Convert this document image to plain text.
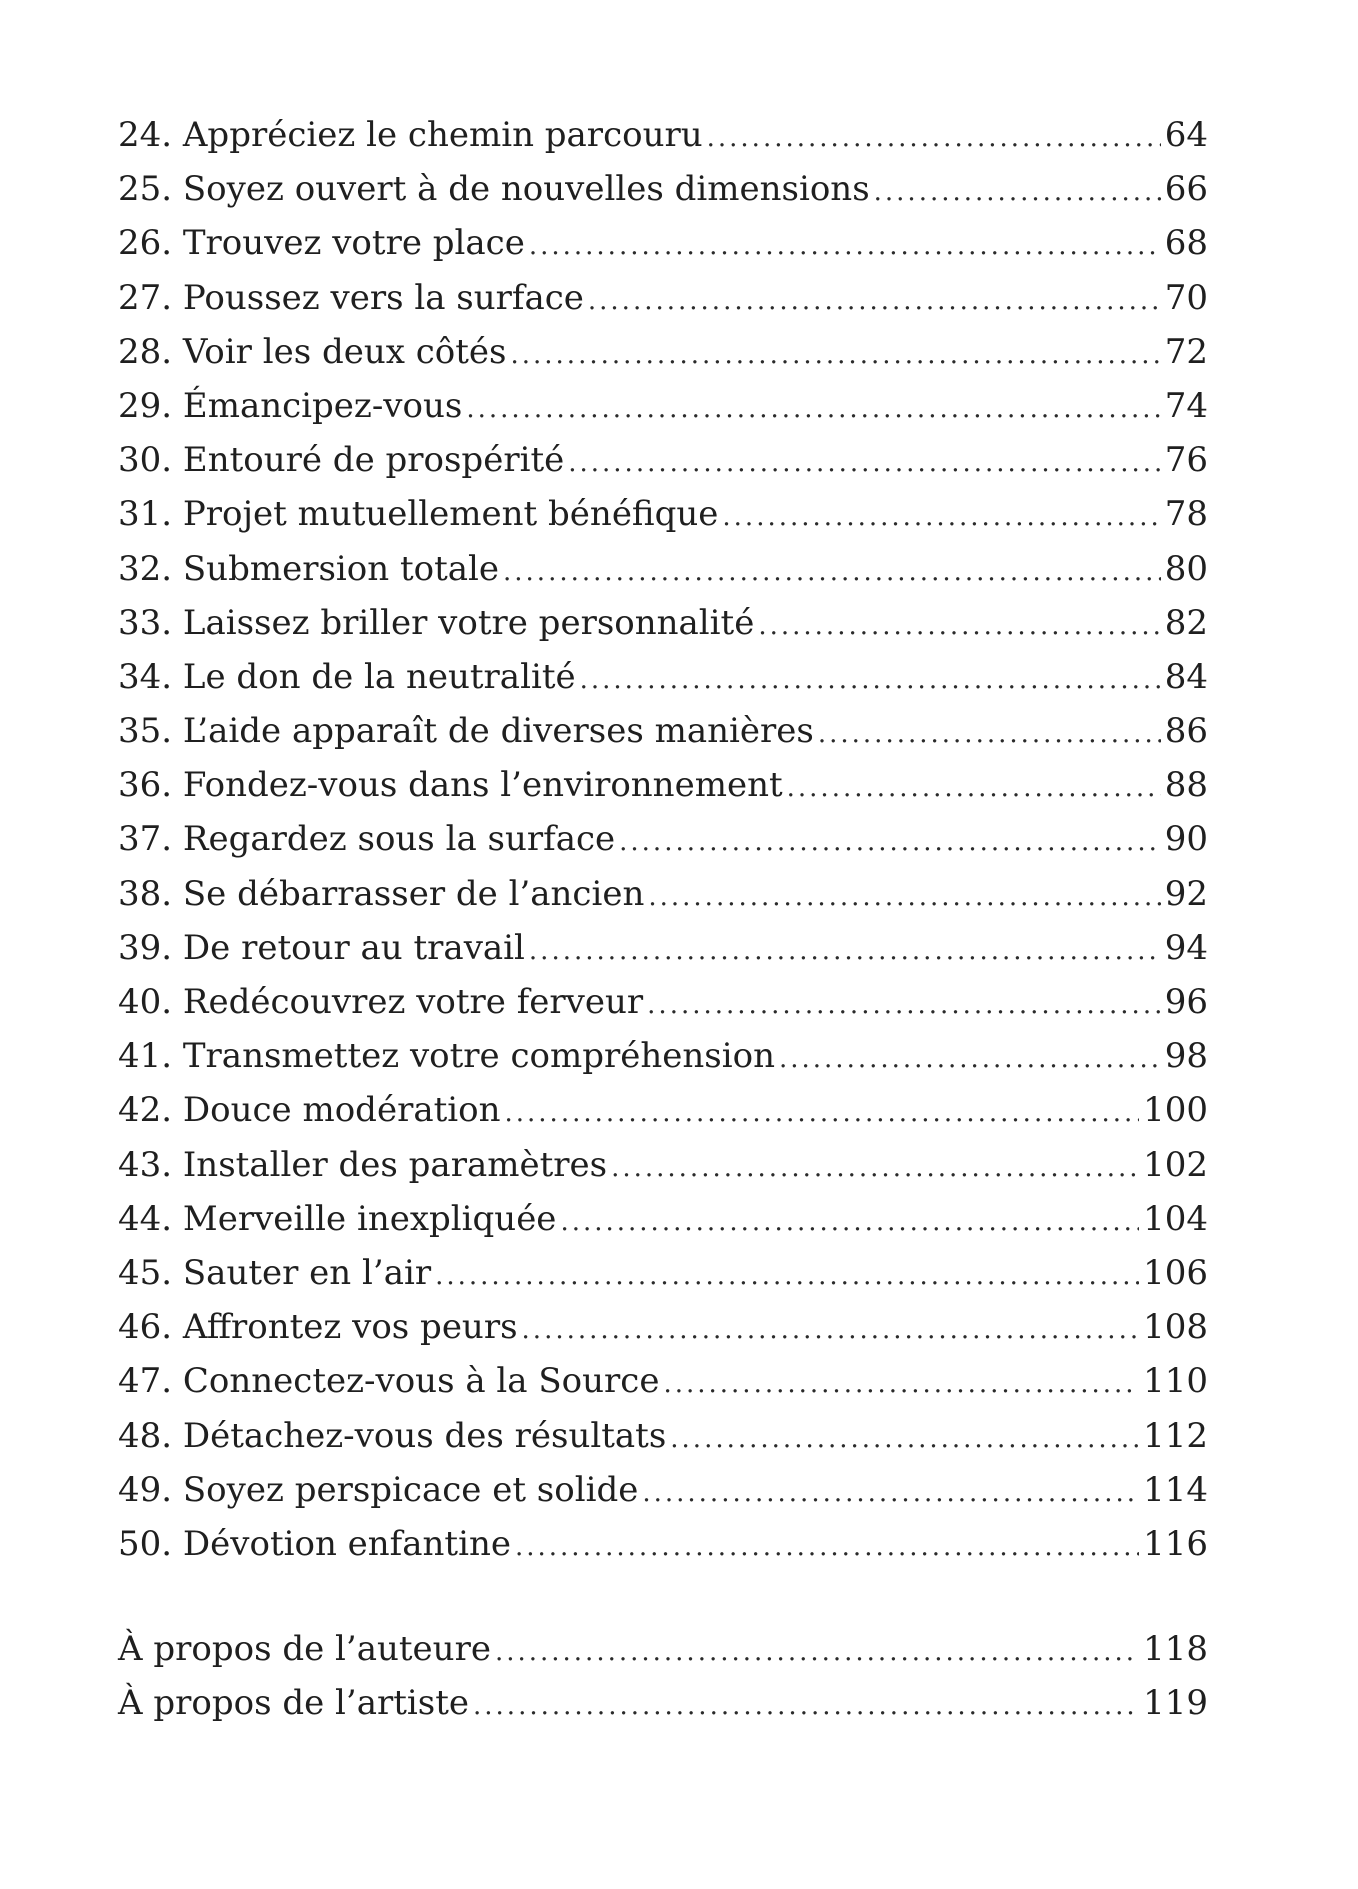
24. Appréciez le chemin parcouru .....	64
25. Soyez ouvert à de nouvelles dimensions .....	66
26. Trouvez votre place .....	68
27. Poussez vers la surface .....	70
28. Voir les deux côtés .....	72
29. Émancipez-vous .....	74
30. Entouré de prospérité .....	76
31. Projet mutuellement bénéfique .....	78
32. Submersion totale .....	80
33. Laissez briller votre personnalité .....	82
34. Le don de la neutralité .....	84
35. L’aide apparaît de diverses manières .....	86
36. Fondez-vous dans l’environnement .....	88
37. Regardez sous la surface .....	90
38. Se débarrasser de l’ancien .....	92
39. De retour au travail .....	94
40. Redécouvrez votre ferveur .....	96
41. Transmettez votre compréhension .....	98
42. Douce modération .....	100
43. Installer des paramètres .....	102
44. Merveille inexpliquée .....	104
45. Sauter en l’air .....	106
46. Affrontez vos peurs .....	108
47. Connectez-vous à la Source .....	110
48. Détachez-vous des résultats .....	112
49. Soyez perspicace et solide .....	114
50. Dévotion enfantine .....	116
À propos de l’auteure .....	118
À propos de l’artiste .....	119
